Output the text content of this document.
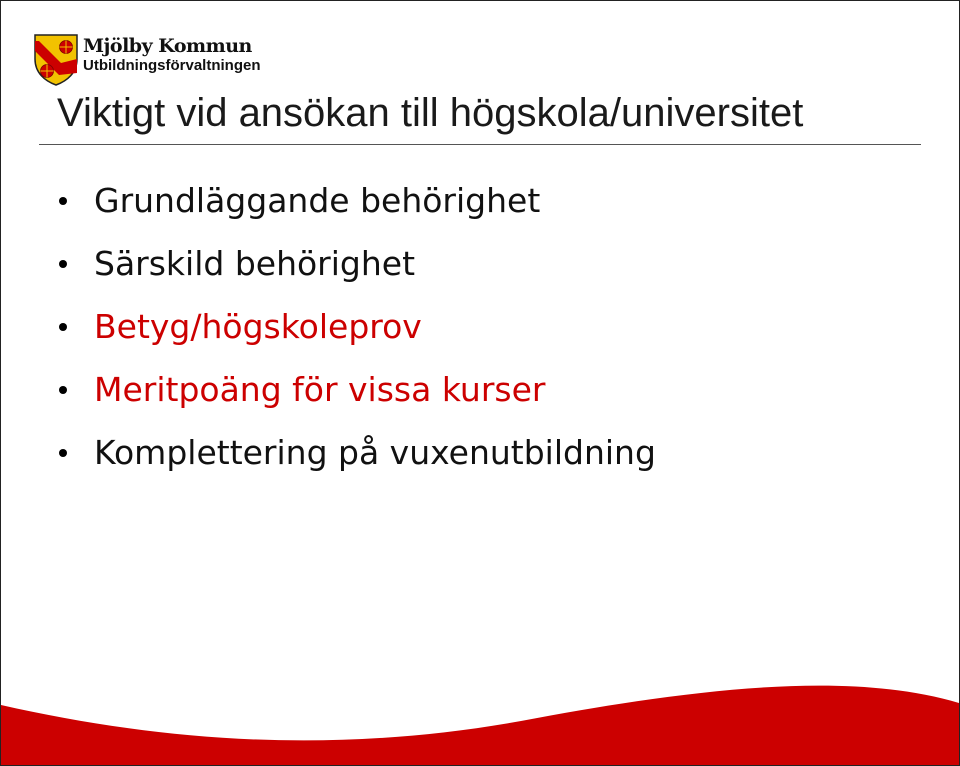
Mjölby Kommun
Utbildningsförvaltningen
Viktigt vid ansökan till högskola/universitet
Grundläggande behörighet
Särskild behörighet
Betyg/högskoleprov
Meritpoäng för vissa kurser
Komplettering på vuxenutbildning
